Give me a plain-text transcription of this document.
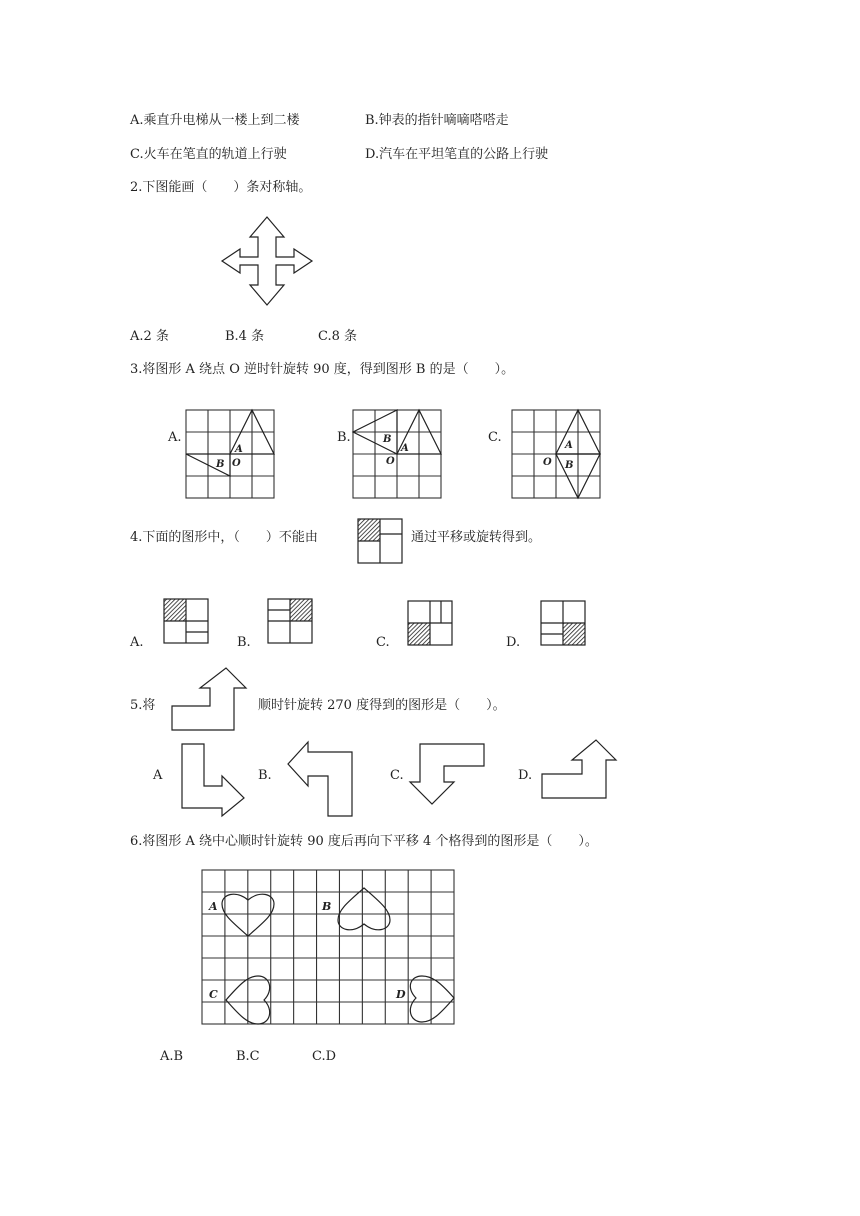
A.乘直升电梯从一楼上到二楼	B.钟表的指针嘀嘀嗒嗒走
C.火车在笔直的轨道上行驶	D.汽车在平坦笔直的公路上行驶
2.下图能画（　　）条对称轴。
A.2 条	B.4 条	C.8 条
3.将图形 A 绕点 O 逆时针旋转 90 度，得到图形 B 的是（　　）。
A.
A
B O
B.	B
A
O
C.
A
B
O
4.下面的图形中，（　　）不能由	通过平移或旋转得到。
A.	B.	C.	D.
5.将	顺时针旋转 270 度得到的图形是（　　）。
A	B.	C.	D.
6.将图形 A 绕中心顺时针旋转 90 度后再向下平移 4 个格得到的图形是（　　）。
A	B
C	D
A.B	B.C	C.D
